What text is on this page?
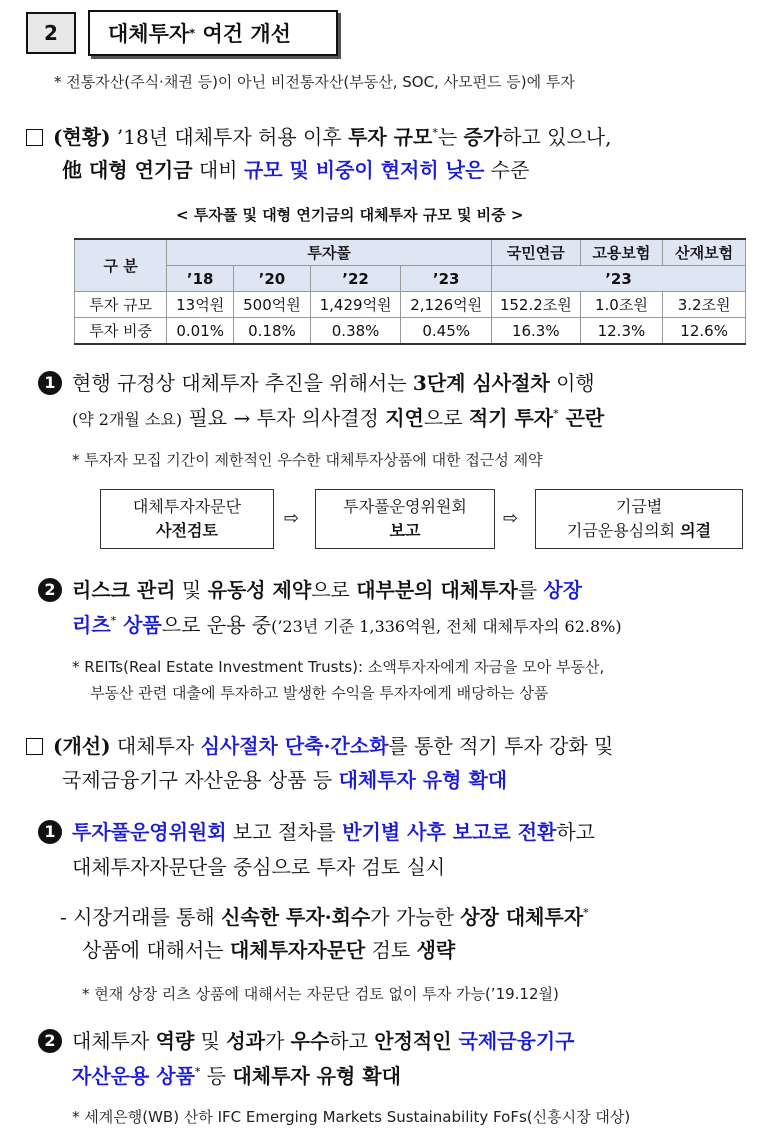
2	대체투자 * 여건 개선
* 전통자산(주식·채권 등)이 아닌 비전통자산(부동산, SOC, 사모펀드 등)에 투자
(현황) ’18년 대체투자 허용 이후 투자 규모*는 증가하고 있으나,
他 대형 연기금 대비 규모 및 비중이 현저히 낮은 수준
< 투자풀 및 대형 연기금의 대체투자 규모 및 비중 >
구 분	투자풀				국민연금	고용보험	산재보험
	’18	’20	’22	’23	’23		
투자 규모	13억원	500억원	1,429억원	2,126억원	152.2조원	1.0조원	3.2조원
투자 비중	0.01%	0.18%	0.38%	0.45%	16.3%	12.3%	12.6%
1 현행 규정상 대체투자 추진을 위해서는 3단계 심사절차 이행
(약 2개월 소요) 필요 → 투자 의사결정 지연으로 적기 투자* 곤란
* 투자자 모집 기간이 제한적인 우수한 대체투자상품에 대한 접근성 제약
대체투자자문단
사전검토
⇨
투자풀운영위원회
보고
⇨
기금별
기금운용심의회 의결
2 리스크 관리 및 유동성 제약으로 대부분의 대체투자를 상장
리츠* 상품으로 운용 중(’23년 기준 1,336억원, 전체 대체투자의 62.8%)
* REITs(Real Estate Investment Trusts): 소액투자자에게 자금을 모아 부동산,
부동산 관련 대출에 투자하고 발생한 수익을 투자자에게 배당하는 상품
(개선) 대체투자 심사절차 단축·간소화를 통한 적기 투자 강화 및
국제금융기구 자산운용 상품 등 대체투자 유형 확대
1 투자풀운영위원회 보고 절차를 반기별 사후 보고로 전환하고
대체투자자문단을 중심으로 투자 검토 실시
- 시장거래를 통해 신속한 투자·회수가 가능한 상장 대체투자*
상품에 대해서는 대체투자자문단 검토 생략
* 현재 상장 리츠 상품에 대해서는 자문단 검토 없이 투자 가능(’19.12월)
2 대체투자 역량 및 성과가 우수하고 안정적인 국제금융기구
자산운용 상품* 등 대체투자 유형 확대
* 세계은행(WB) 산하 IFC Emerging Markets Sustainability FoFs(신흥시장 대상)
